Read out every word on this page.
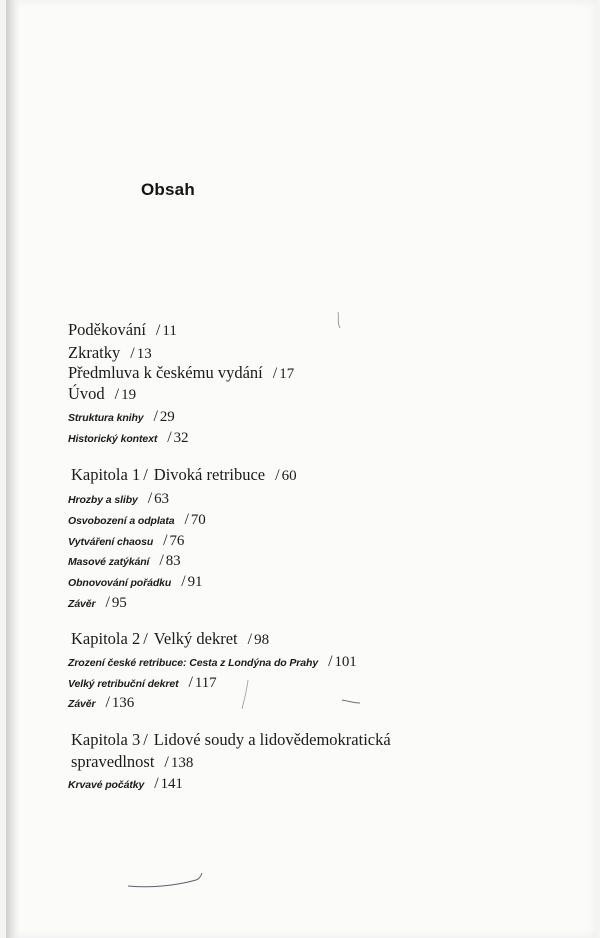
Obsah
Poděkování / 11
Zkratky / 13
Předmluva k českému vydání / 17
Úvod / 19
Struktura knihy / 29
Historický kontext / 32
Kapitola 1 / Divoká retribuce / 60
Hrozby a sliby / 63
Osvobození a odplata / 70
Vytváření chaosu / 76
Masové zatýkání / 83
Obnovování pořádku / 91
Závěr / 95
Kapitola 2 / Velký dekret / 98
Zrození české retribuce: Cesta z Londýna do Prahy / 101
Velký retribuční dekret / 117
Závěr / 136
Kapitola 3 / Lidové soudy a lidovědemokratická
spravedlnost / 138
Krvavé počátky / 141
